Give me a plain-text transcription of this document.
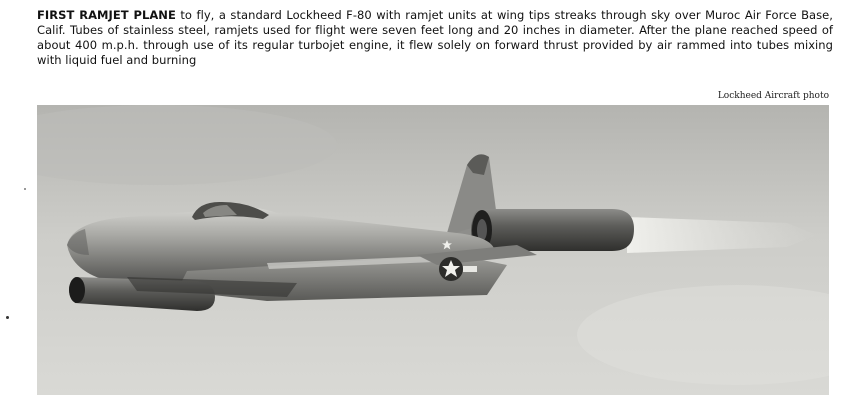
FIRST RAMJET PLANE to fly, a standard Lockheed F-80 with ramjet units at wing tips streaks through sky over Muroc Air Force Base, Calif. Tubes of stainless steel, ramjets used for flight were seven feet long and 20 inches in diameter. After the plane reached speed of about 400 m.p.h. through use of its regular turbojet engine, it flew solely on forward thrust provided by air rammed into tubes mixing with liquid fuel and burning
Lockheed Aircraft photo
